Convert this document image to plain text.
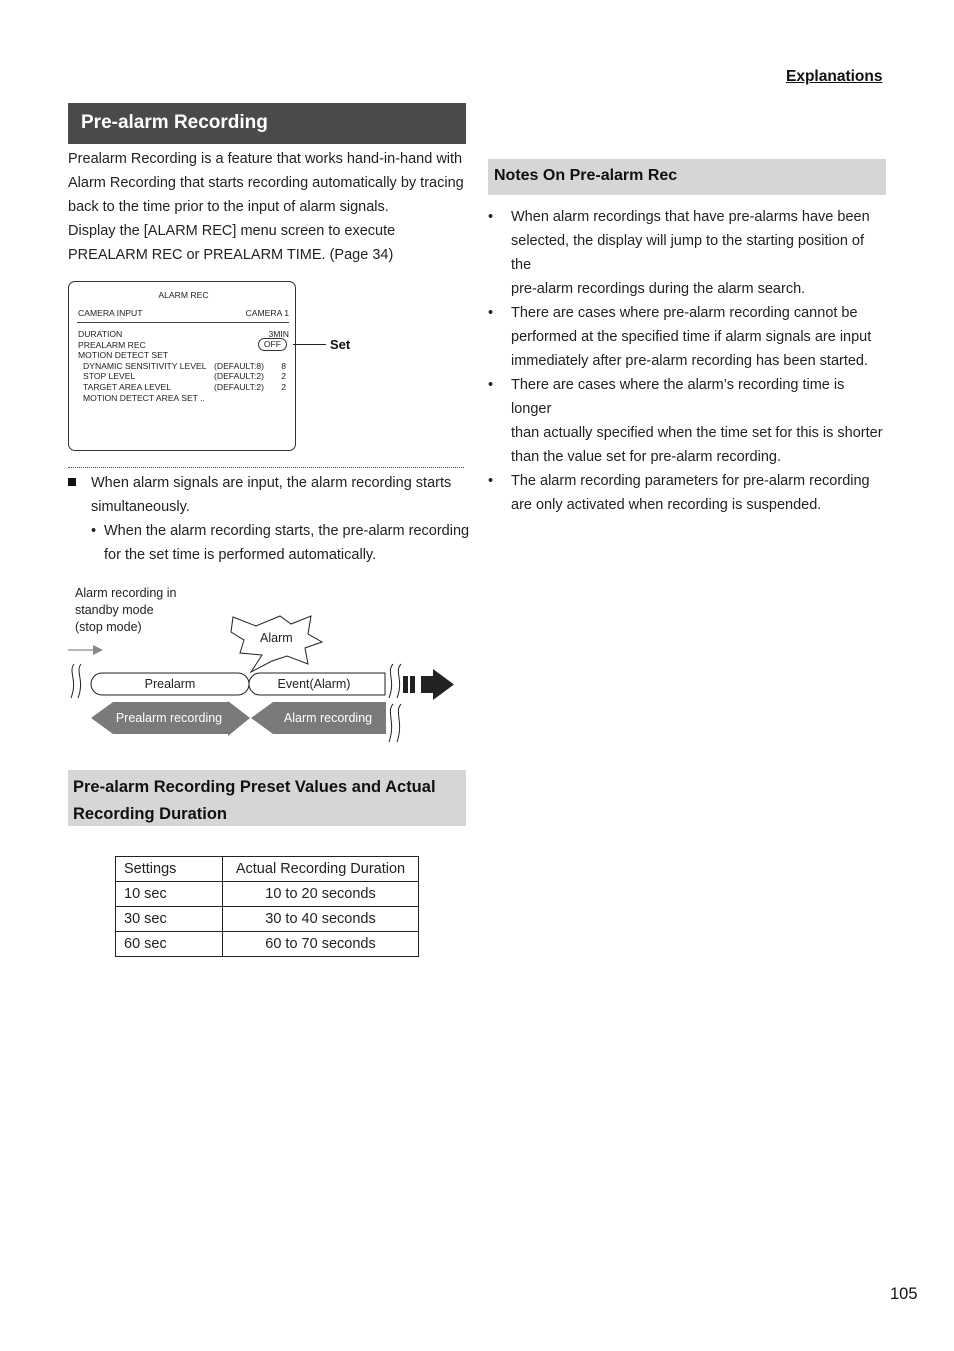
Explanations
Pre-alarm Recording

Prealarm Recording is a feature that works hand-in-hand with

Alarm Recording that starts recording automatically by tracing

back to the time prior to the input of alarm signals.

Display the [ALARM REC] menu screen to execute

PREALARM REC or PREALARM TIME. (Page 34)

ALARM REC
CAMERA INPUT	CAMERA 1
DURATION	3MIN
PREALARM REC	OFF
MOTION DETECT SET
DYNAMIC SENSITIVITY LEVEL (DEFAULT:8) 8
STOP LEVEL	(DEFAULT:2) 2
TARGET AREA LEVEL	(DEFAULT:2) 2
MOTION DETECT AREA SET ..
Set

When alarm signals are input, the alarm recording starts

simultaneously.

• When the alarm recording starts, the pre-alarm recording

for the set time is performed automatically.

Alarm recording in
standby mode
(stop mode)
Alarm
Prealarm	Event(Alarm)
Prealarm recording	Alarm recording
Pre-alarm Recording Preset Values and Actual
Recording Duration
Settings	Actual Recording Duration
10 sec	10 to 20 seconds
30 sec	30 to 40 seconds
60 sec	60 to 70 seconds
Notes On Pre-alarm Rec
• When alarm recordings that have pre-alarms have been

selected, the display will jump to the starting position of the

pre-alarm recordings during the alarm search.

• There are cases where pre-alarm recording cannot be

performed at the specified time if alarm signals are input

immediately after pre-alarm recording has been started.

• There are cases where the alarm’s recording time is longer

than actually specified when the time set for this is shorter

than the value set for pre-alarm recording.

• The alarm recording parameters for pre-alarm recording

are only activated when recording is suspended.

105
